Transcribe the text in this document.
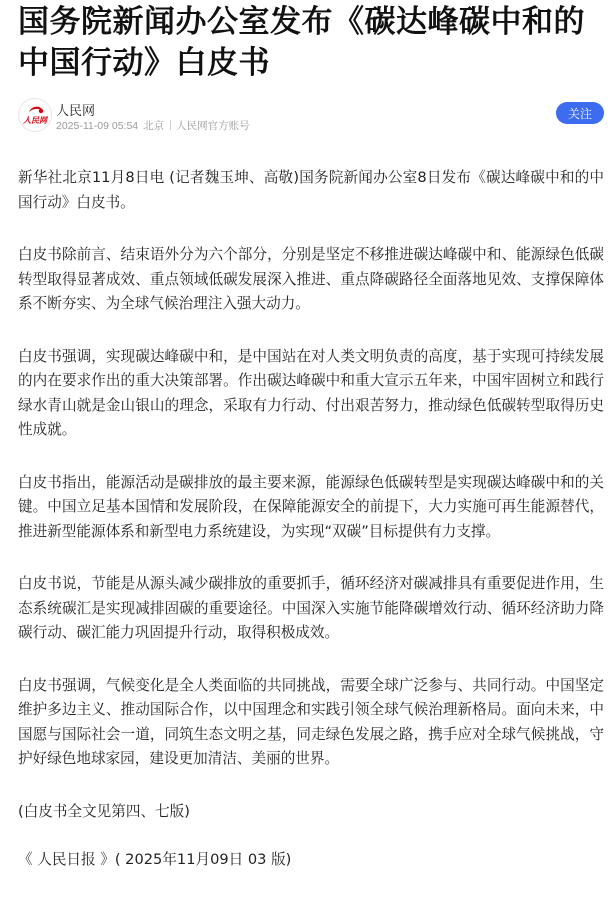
国务院新闻办公室发布《碳达峰碳中和的中国行动》白皮书
人民网
人民网
2025-11-09 05:54 北京 人民网官方账号
关注

新华社北京11月8日电 (记者魏玉坤、高敬)国务院新闻办公室8日发布《碳达峰碳中和的中国行动》白皮书。

白皮书除前言、结束语外分为六个部分，分别是坚定不移推进碳达峰碳中和、能源绿色低碳转型取得显著成效、重点领域低碳发展深入推进、重点降碳路径全面落地见效、支撑保障体系不断夯实、为全球气候治理注入强大动力。

白皮书强调，实现碳达峰碳中和，是中国站在对人类文明负责的高度，基于实现可持续发展的内在要求作出的重大决策部署。作出碳达峰碳中和重大宣示五年来，中国牢固树立和践行绿水青山就是金山银山的理念，采取有力行动、付出艰苦努力，推动绿色低碳转型取得历史性成就。

白皮书指出，能源活动是碳排放的最主要来源，能源绿色低碳转型是实现碳达峰碳中和的关键。中国立足基本国情和发展阶段，在保障能源安全的前提下，大力实施可再生能源替代，推进新型能源体系和新型电力系统建设，为实现“双碳”目标提供有力支撑。

白皮书说，节能是从源头减少碳排放的重要抓手，循环经济对碳减排具有重要促进作用，生态系统碳汇是实现减排固碳的重要途径。中国深入实施节能降碳增效行动、循环经济助力降碳行动、碳汇能力巩固提升行动，取得积极成效。

白皮书强调，气候变化是全人类面临的共同挑战，需要全球广泛参与、共同行动。中国坚定维护多边主义、推动国际合作，以中国理念和实践引领全球气候治理新格局。面向未来，中国愿与国际社会一道，同筑生态文明之基，同走绿色发展之路，携手应对全球气候挑战，守护好绿色地球家园，建设更加清洁、美丽的世界。

(白皮书全文见第四、七版)

《 人民日报 》( 2025年11月09日 03 版)
